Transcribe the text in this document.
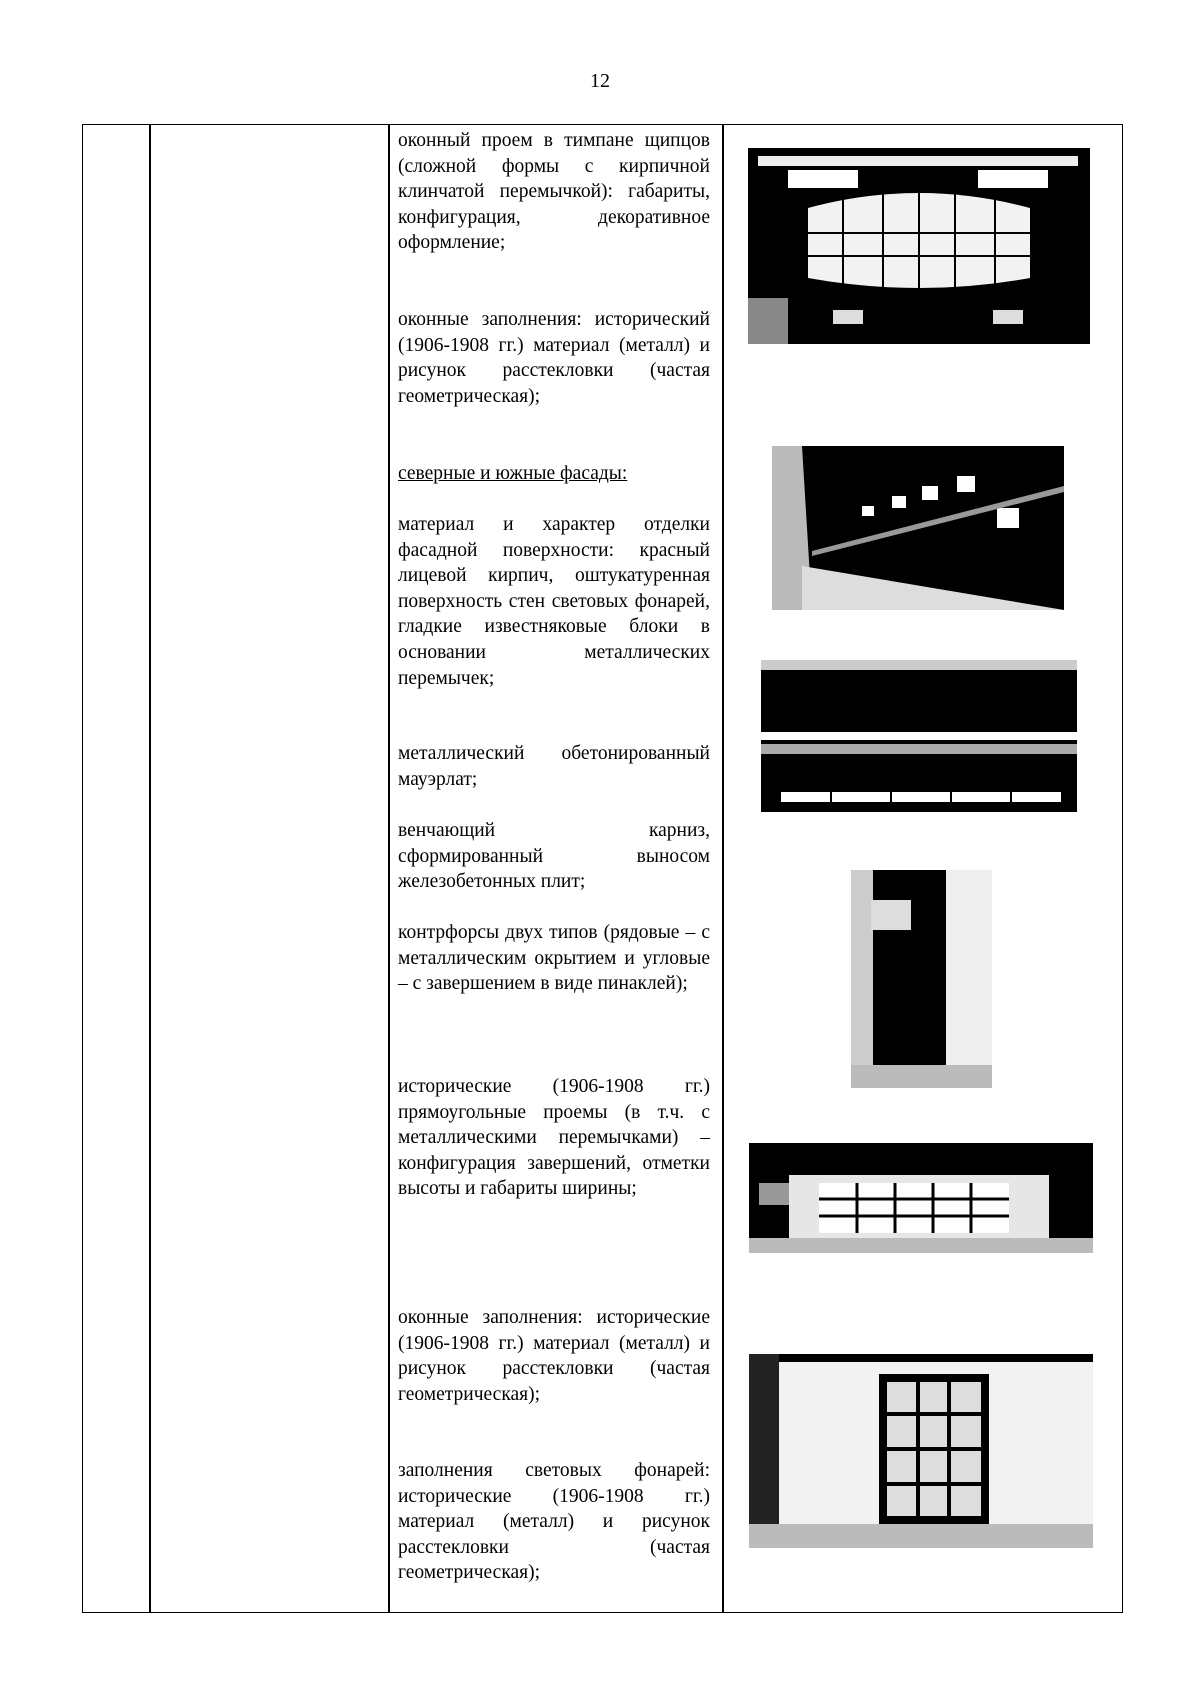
12

оконный проем в тимпане щипцов (сложной формы с кирпичной клинчатой перемычкой): габариты, конфигурация, декоративное оформление;

оконные заполнения: исторический (1906-1908 гг.) материал (металл) и рисунок расстекловки (частая геометрическая);

северные и южные фасады:

материал и характер отделки фасадной поверхности: красный лицевой кирпич, оштукатуренная поверхность стен световых фонарей, гладкие известняковые блоки в основании металлических перемычек;

металлический обетонированный мауэрлат;

венчающий карниз, сформированный выносом железобетонных плит;

контрфорсы двух типов (рядовые – с металлическим окрытием и угловые – с завершением в виде пинаклей);

исторические (1906-1908 гг.) прямоугольные проемы (в т.ч. с металлическими перемычками) – конфигурация завершений, отметки высоты и габариты ширины;

оконные заполнения: исторические (1906-1908 гг.) материал (металл) и рисунок расстекловки (частая геометрическая);

заполнения световых фонарей: исторические (1906-1908 гг.) материал (металл) и рисунок расстекловки (частая геометрическая);
